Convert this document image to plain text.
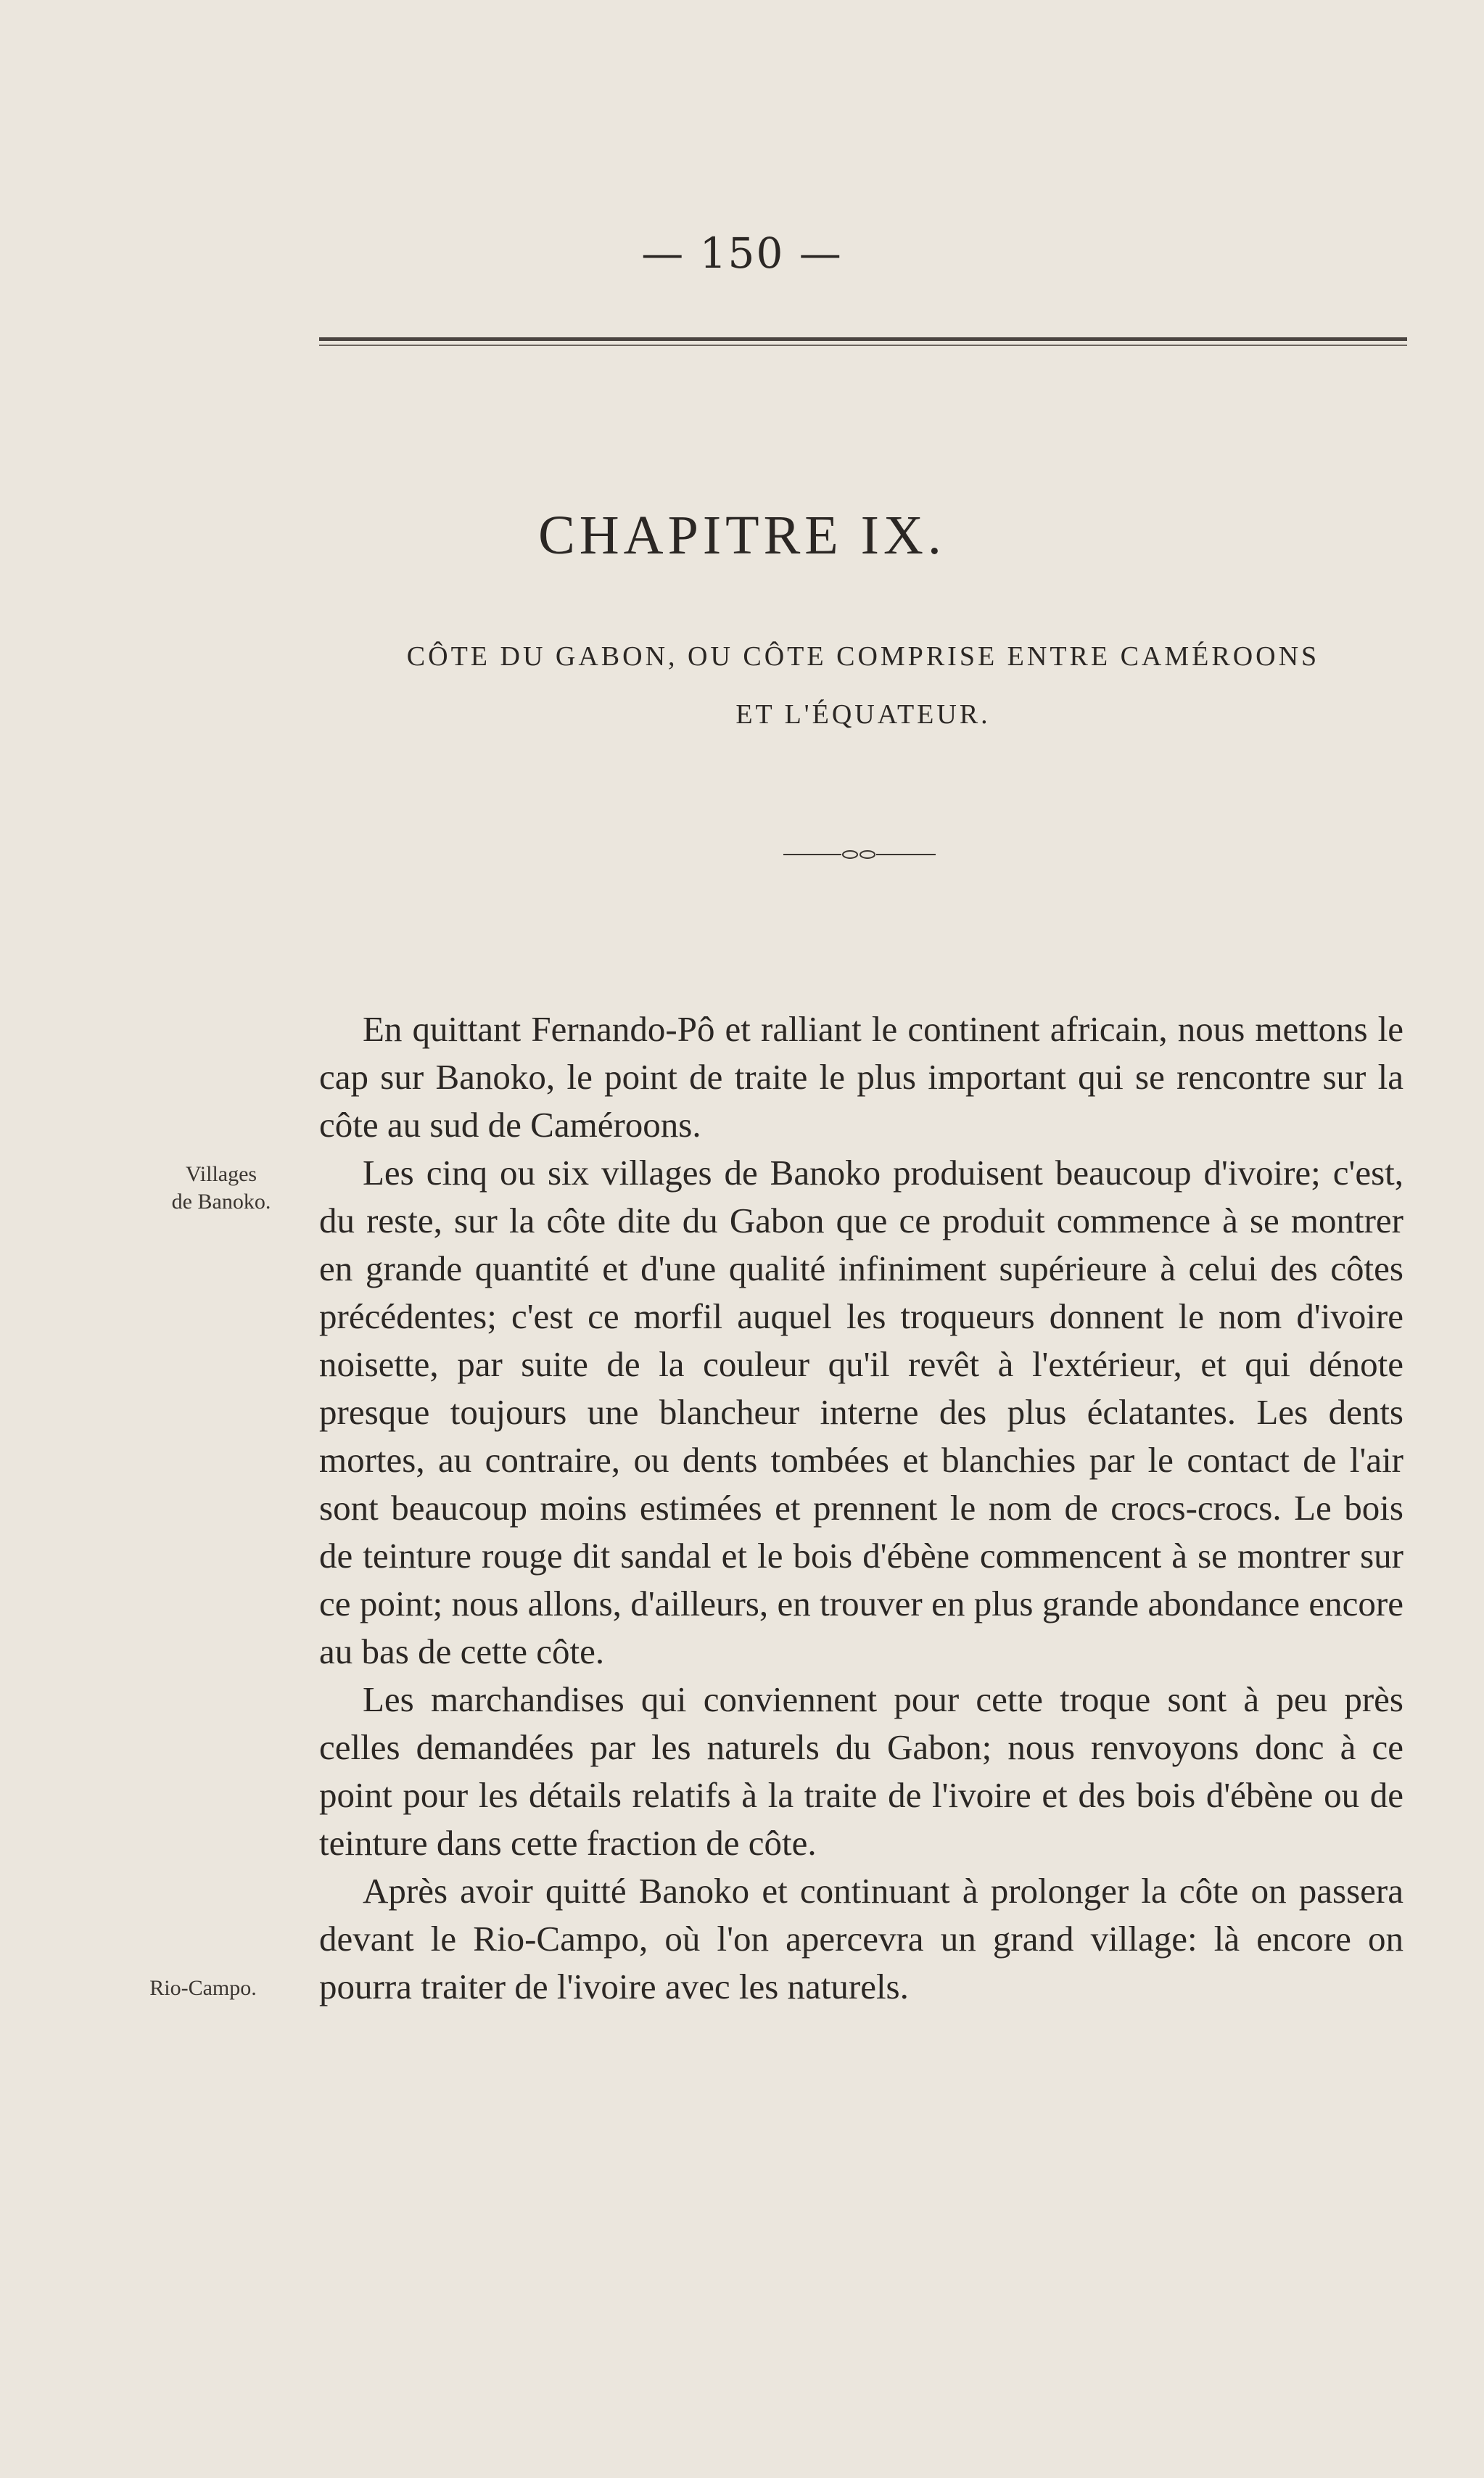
— 150 —
CHAPITRE IX.
CÔTE DU GABON, OU CÔTE COMPRISE ENTRE CAMÉROONS
ET L'ÉQUATEUR.
Villages
de Banoko.
Rio-Campo.

En quittant Fernando-Pô et ralliant le continent africain, nous mettons le cap sur Banoko, le point de traite le plus important qui se rencontre sur la côte au sud de Caméroons.

Les cinq ou six villages de Banoko produisent beaucoup d'ivoire; c'est, du reste, sur la côte dite du Gabon que ce produit commence à se montrer en grande quantité et d'une qualité infiniment supérieure à celui des côtes précédentes; c'est ce morfil auquel les troqueurs donnent le nom d'ivoire noisette, par suite de la couleur qu'il revêt à l'extérieur, et qui dénote presque toujours une blancheur interne des plus éclatantes. Les dents mortes, au contraire, ou dents tombées et blanchies par le contact de l'air sont beaucoup moins estimées et prennent le nom de crocs-crocs. Le bois de teinture rouge dit sandal et le bois d'ébène commencent à se montrer sur ce point; nous allons, d'ailleurs, en trouver en plus grande abondance encore au bas de cette côte.

Les marchandises qui conviennent pour cette troque sont à peu près celles demandées par les naturels du Gabon; nous renvoyons donc à ce point pour les détails relatifs à la traite de l'ivoire et des bois d'ébène ou de teinture dans cette fraction de côte.

Après avoir quitté Banoko et continuant à prolonger la côte on passera devant le Rio-Campo, où l'on apercevra un grand village: là encore on pourra traiter de l'ivoire avec les naturels.
